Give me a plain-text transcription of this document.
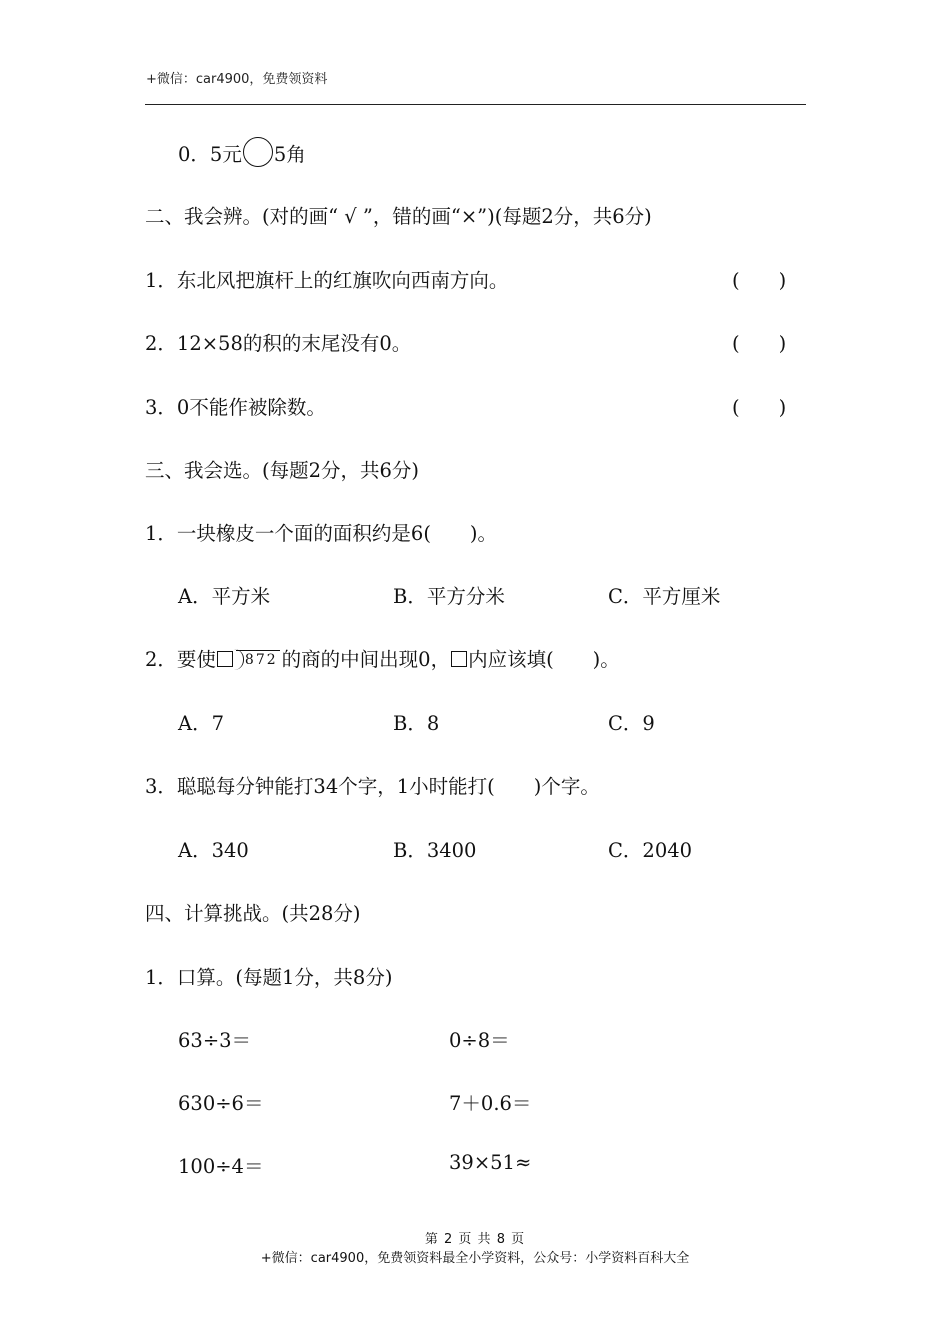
+微信：car4900，免费领资料
0．5元 5角
二、我会辨。(对的画“ √ ”，错的画“×”)(每题2分，共6分)
1．东北风把旗杆上的红旗吹向西南方向。	(　　)
2．12×58的积的末尾没有0。	(　　)
3．0不能作被除数。	(　　)
三、我会选。(每题2分，共6分)
1．一块橡皮一个面的面积约是6(　　)。
A．平方米	B．平方分米	C．平方厘米
2．要使 872 的商的中间出现0， 内应该填(　　)。
A．7	B．8	C．9
3．聪聪每分钟能打34个字，1小时能打(　　)个字。
A．340	B．3400	C．2040
四、计算挑战。(共28分)
1．口算。(每题1分，共8分)
63÷3＝	0÷8＝
630÷6＝	7＋0.6＝
100÷4＝	39×51≈
第 2 页 共 8 页
+微信：car4900，免费领资料最全小学资料，公众号：小学资料百科大全
